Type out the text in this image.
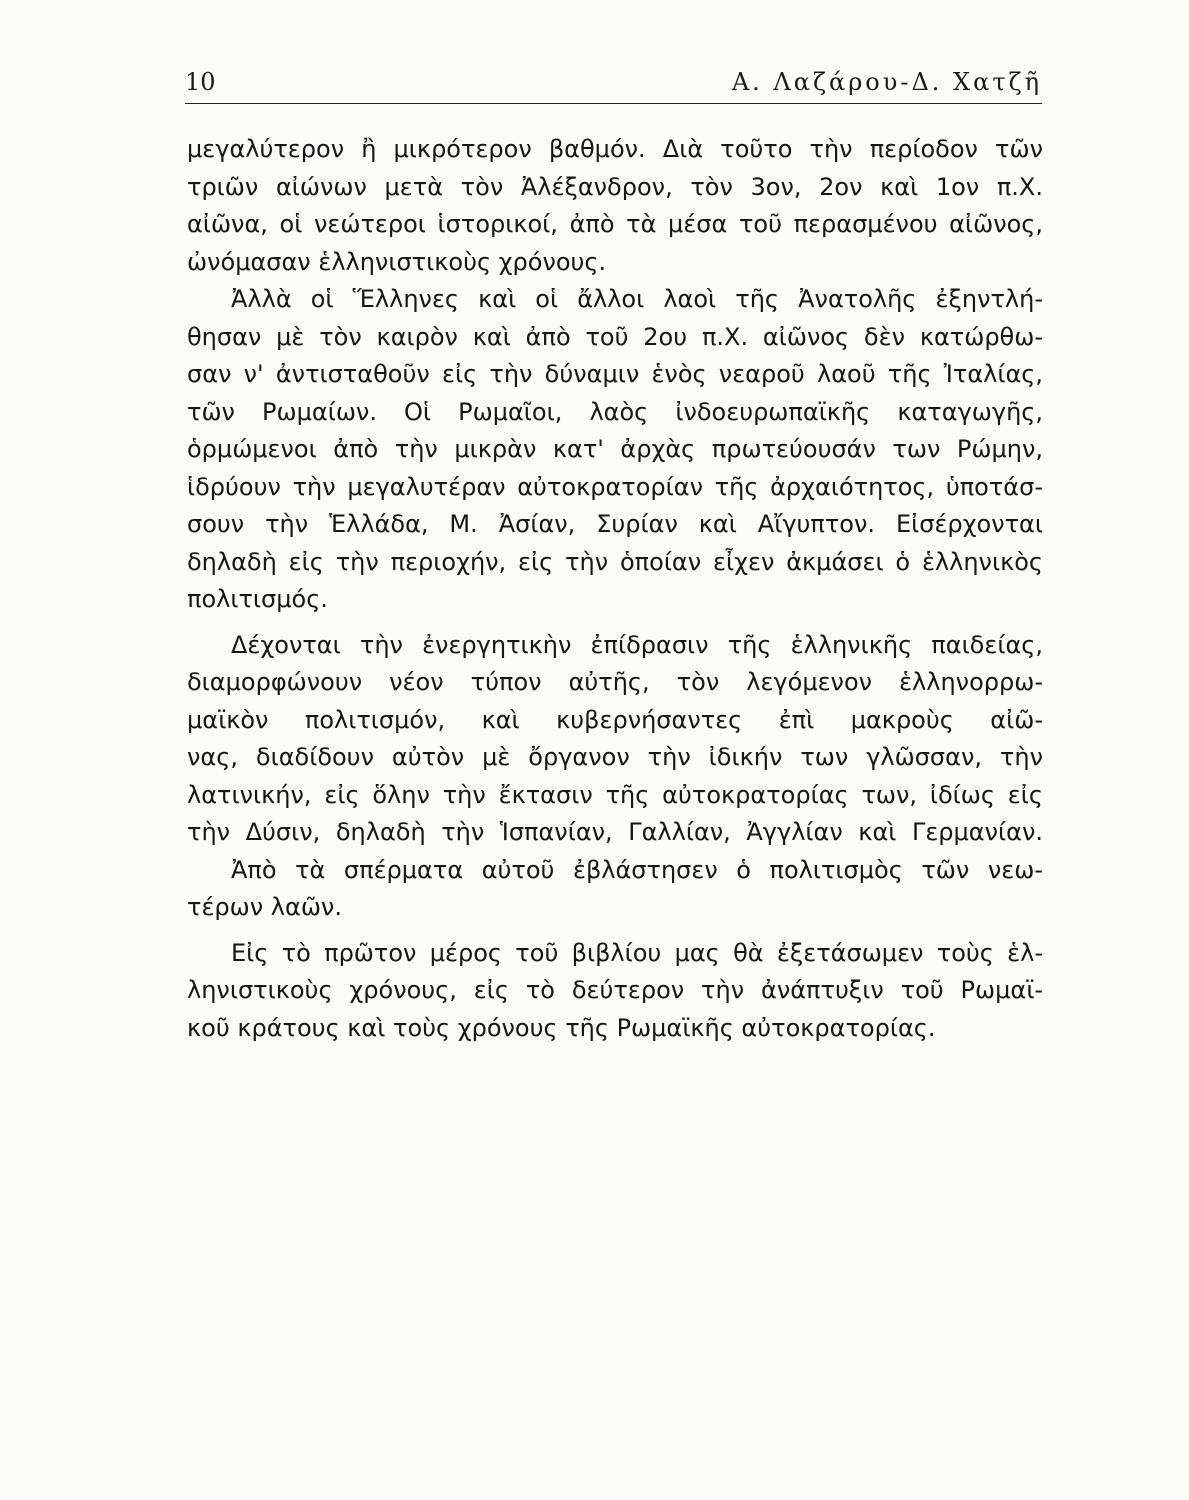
10	Α. Λαζάρου-Δ. Χατζῆ

μεγαλύτερον ἢ μικρότερον βαθμόν. Διὰ τοῦτο τὴν περίοδον τῶν
τριῶν αἰώνων μετὰ τὸν Ἀλέξανδρον, τὸν 3ον, 2ον καὶ 1ον π.Χ.
αἰῶνα, οἱ νεώτεροι ἱστορικοί, ἀπὸ τὰ μέσα τοῦ περασμένου αἰῶνος,
ὠνόμασαν ἑλληνιστικοὺς χρόνους.

Ἀλλὰ οἱ Ἕλληνες καὶ οἱ ἄλλοι λαοὶ τῆς Ἀνατολῆς ἐξηντλή-
θησαν μὲ τὸν καιρὸν καὶ ἀπὸ τοῦ 2ου π.Χ. αἰῶνος δὲν κατώρθω-
σαν ν' ἀντισταθοῦν εἰς τὴν δύναμιν ἑνὸς νεαροῦ λαοῦ τῆς Ἰταλίας,
τῶν Ρωμαίων. Οἱ Ρωμαῖοι, λαὸς ἰνδοευρωπαϊκῆς καταγωγῆς,
ὁρμώμενοι ἀπὸ τὴν μικρὰν κατ' ἀρχὰς πρωτεύουσάν των Ρώμην,
ἱδρύουν τὴν μεγαλυτέραν αὐτοκρατορίαν τῆς ἀρχαιότητος, ὑποτάσ-
σουν τὴν Ἑλλάδα, Μ. Ἀσίαν, Συρίαν καὶ Αἴγυπτον. Εἰσέρχονται
δηλαδὴ εἰς τὴν περιοχήν, εἰς τὴν ὁποίαν εἶχεν ἀκμάσει ὁ ἑλληνικὸς
πολιτισμός.

Δέχονται τὴν ἐνεργητικὴν ἐπίδρασιν τῆς ἑλληνικῆς παιδείας,
διαμορφώνουν νέον τύπον αὐτῆς, τὸν λεγόμενον ἑλληνορρω-
μαϊκὸν πολιτισμόν, καὶ κυβερνήσαντες ἐπὶ μακροὺς αἰῶ-
νας, διαδίδουν αὐτὸν μὲ ὄργανον τὴν ἰδικήν των γλῶσσαν, τὴν
λατινικήν, εἰς ὅλην τὴν ἔκτασιν τῆς αὐτοκρατορίας των, ἰδίως εἰς
τὴν Δύσιν, δηλαδὴ τὴν Ἱσπανίαν, Γαλλίαν, Ἀγγλίαν καὶ Γερμανίαν.
Ἀπὸ τὰ σπέρματα αὐτοῦ ἐβλάστησεν ὁ πολιτισμὸς τῶν νεω-
τέρων λαῶν.

Εἰς τὸ πρῶτον μέρος τοῦ βιβλίου μας θὰ ἐξετάσωμεν τοὺς ἑλ-
ληνιστικοὺς χρόνους, εἰς τὸ δεύτερον τὴν ἀνάπτυξιν τοῦ Ρωμαϊ-
κοῦ κράτους καὶ τοὺς χρόνους τῆς Ρωμαϊκῆς αὐτοκρατορίας.
